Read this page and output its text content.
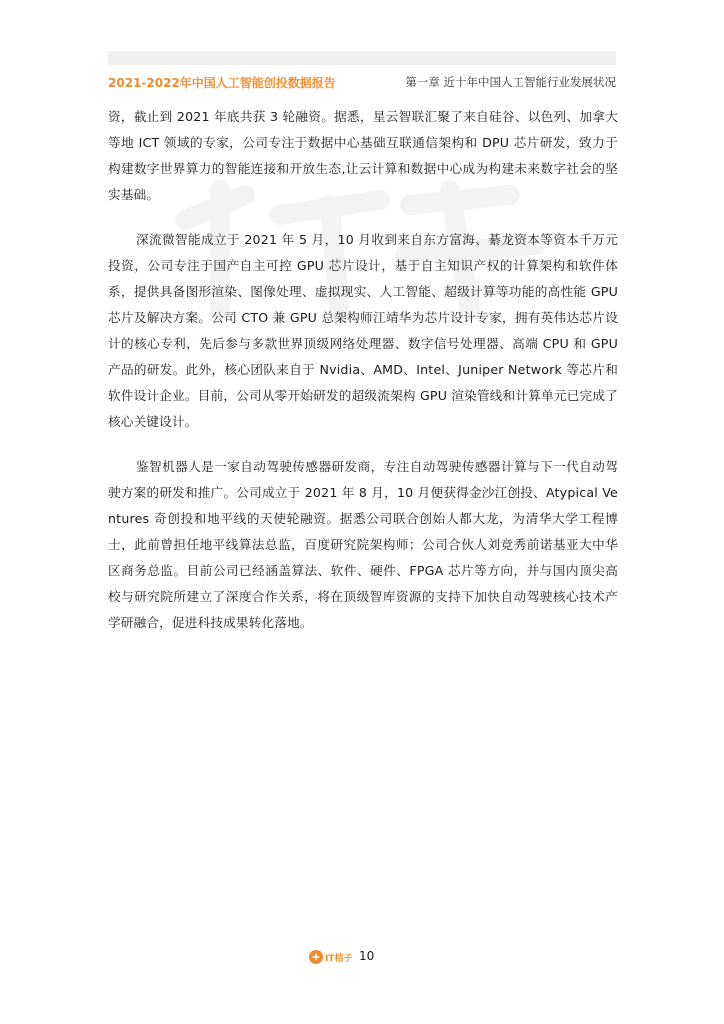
2021-2022年中国人工智能创投数据报告	第一章 近十年中国人工智能行业发展状况

资，截止到 2021 年底共获 3 轮融资。据悉，星云智联汇聚了来自硅谷、以色列、加拿大等地 ICT 领域的专家，公司专注于数据中心基础互联通信架构和 DPU 芯片研发，致力于构建数字世界算力的智能连接和开放生态,让云计算和数据中心成为构建未来数字社会的坚实基础。

深流微智能成立于 2021 年 5 月，10 月收到来自东方富海、綦龙资本等资本千万元投资，公司专注于国产自主可控 GPU 芯片设计，基于自主知识产权的计算架构和软件体系，提供具备图形渲染、图像处理、虚拟现实、人工智能、超级计算等功能的高性能 GPU 芯片及解决方案。公司 CTO 兼 GPU 总架构师江靖华为芯片设计专家，拥有英伟达芯片设计的核心专利，先后参与多款世界顶级网络处理器、数字信号处理器、高端 CPU 和 GPU 产品的研发。此外，核心团队来自于 Nvidia、AMD、Intel、Juniper Network 等芯片和软件设计企业。目前，公司从零开始研发的超级流架构 GPU 渲染管线和计算单元已完成了核心关键设计。

鉴智机器人是一家自动驾驶传感器研发商，专注自动驾驶传感器计算与下一代自动驾驶方案的研发和推广。公司成立于 2021 年 8 月，10 月便获得金沙江创投、Atypical Ventures 奇创投和地平线的天使轮融资。据悉公司联合创始人都大龙，为清华大学工程博士，此前曾担任地平线算法总监，百度研究院架构师；公司合伙人刘竞秀前诺基亚大中华区商务总监。目前公司已经涵盖算法、软件、硬件、FPGA 芯片等方向，并与国内顶尖高校与研究院所建立了深度合作关系，将在顶级智库资源的支持下加快自动驾驶核心技术产学研融合，促进科技成果转化落地。

IT桔子 10
